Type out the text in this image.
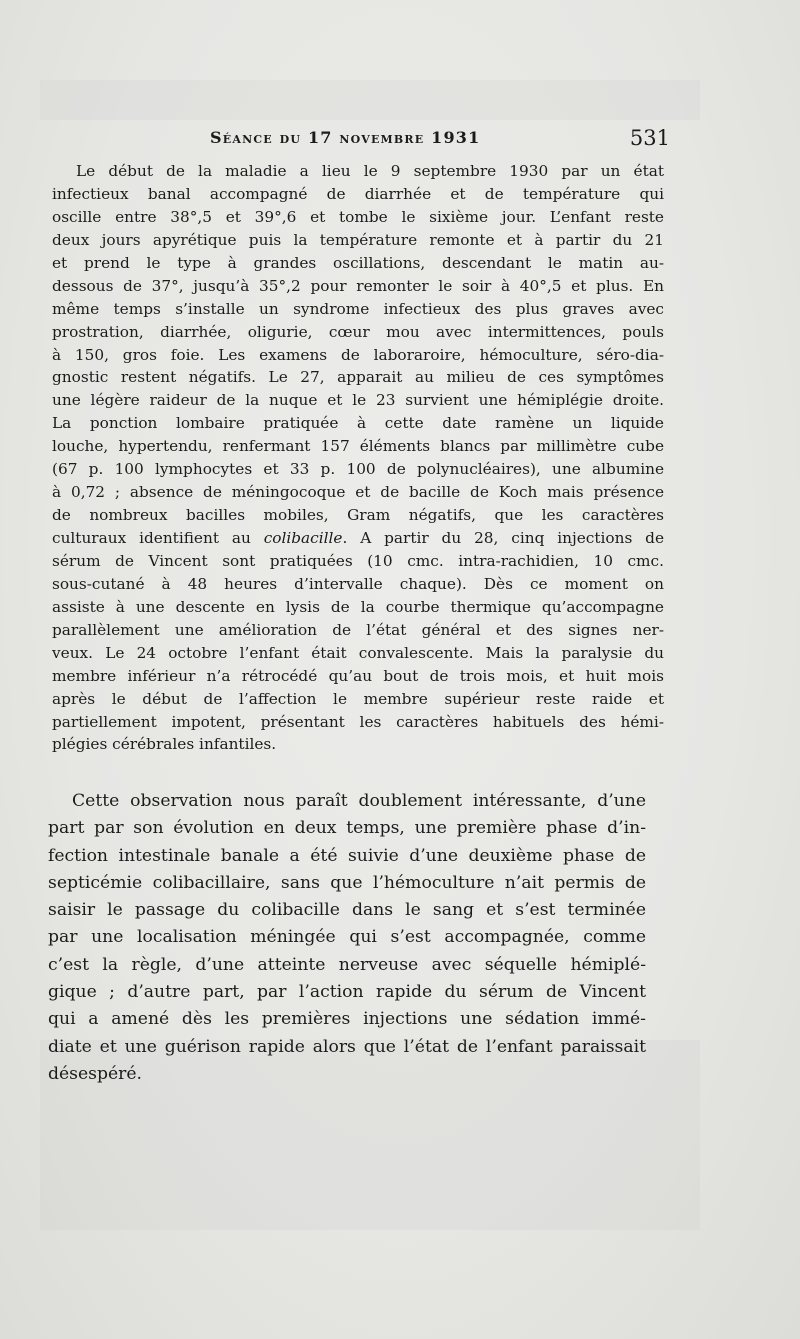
Séance du 17 novembre 1931	531
Le début de la maladie a lieu le 9 septembre 1930 par un état
infectieux banal accompagné de diarrhée et de température qui
oscille entre 38°,5 et 39°,6 et tombe le sixième jour. L’enfant reste
deux jours apyrétique puis la température remonte et à partir du 21
et prend le type à grandes oscillations, descendant le matin au-
dessous de 37°, jusqu’à 35°,2 pour remonter le soir à 40°,5 et plus. En
même temps s’installe un syndrome infectieux des plus graves avec
prostration, diarrhée, oligurie, cœur mou avec intermittences, pouls
à 150, gros foie. Les examens de laboraroire, hémoculture, séro-dia-
gnostic restent négatifs. Le 27, apparait au milieu de ces symptômes
une légère raideur de la nuque et le 23 survient une hémiplégie droite.
La ponction lombaire pratiquée à cette date ramène un liquide
louche, hypertendu, renfermant 157 éléments blancs par millimètre cube
(67 p. 100 lymphocytes et 33 p. 100 de polynucléaires), une albumine
à 0,72 ; absence de méningocoque et de bacille de Koch mais présence
de nombreux bacilles mobiles, Gram négatifs, que les caractères
culturaux identifient au colibacille. A partir du 28, cinq injections de
sérum de Vincent sont pratiquées (10 cmc. intra-rachidien, 10 cmc.
sous-cutané à 48 heures d’intervalle chaque). Dès ce moment on
assiste à une descente en lysis de la courbe thermique qu’accompagne
parallèlement une amélioration de l’état général et des signes ner-
veux. Le 24 octobre l’enfant était convalescente. Mais la paralysie du
membre inférieur n’a rétrocédé qu’au bout de trois mois, et huit mois
après le début de l’affection le membre supérieur reste raide et
partiellement impotent, présentant les caractères habituels des hémi-
plégies cérébrales infantiles.
Cette observation nous paraît doublement intéressante, d’une
part par son évolution en deux temps, une première phase d’in-
fection intestinale banale a été suivie d’une deuxième phase de
septicémie colibacillaire, sans que l’hémoculture n’ait permis de
saisir le passage du colibacille dans le sang et s’est terminée
par une localisation méningée qui s’est accompagnée, comme
c’est la règle, d’une atteinte nerveuse avec séquelle hémiplé-
gique ; d’autre part, par l’action rapide du sérum de Vincent
qui a amené dès les premières injections une sédation immé-
diate et une guérison rapide alors que l’état de l’enfant paraissait
désespéré.
